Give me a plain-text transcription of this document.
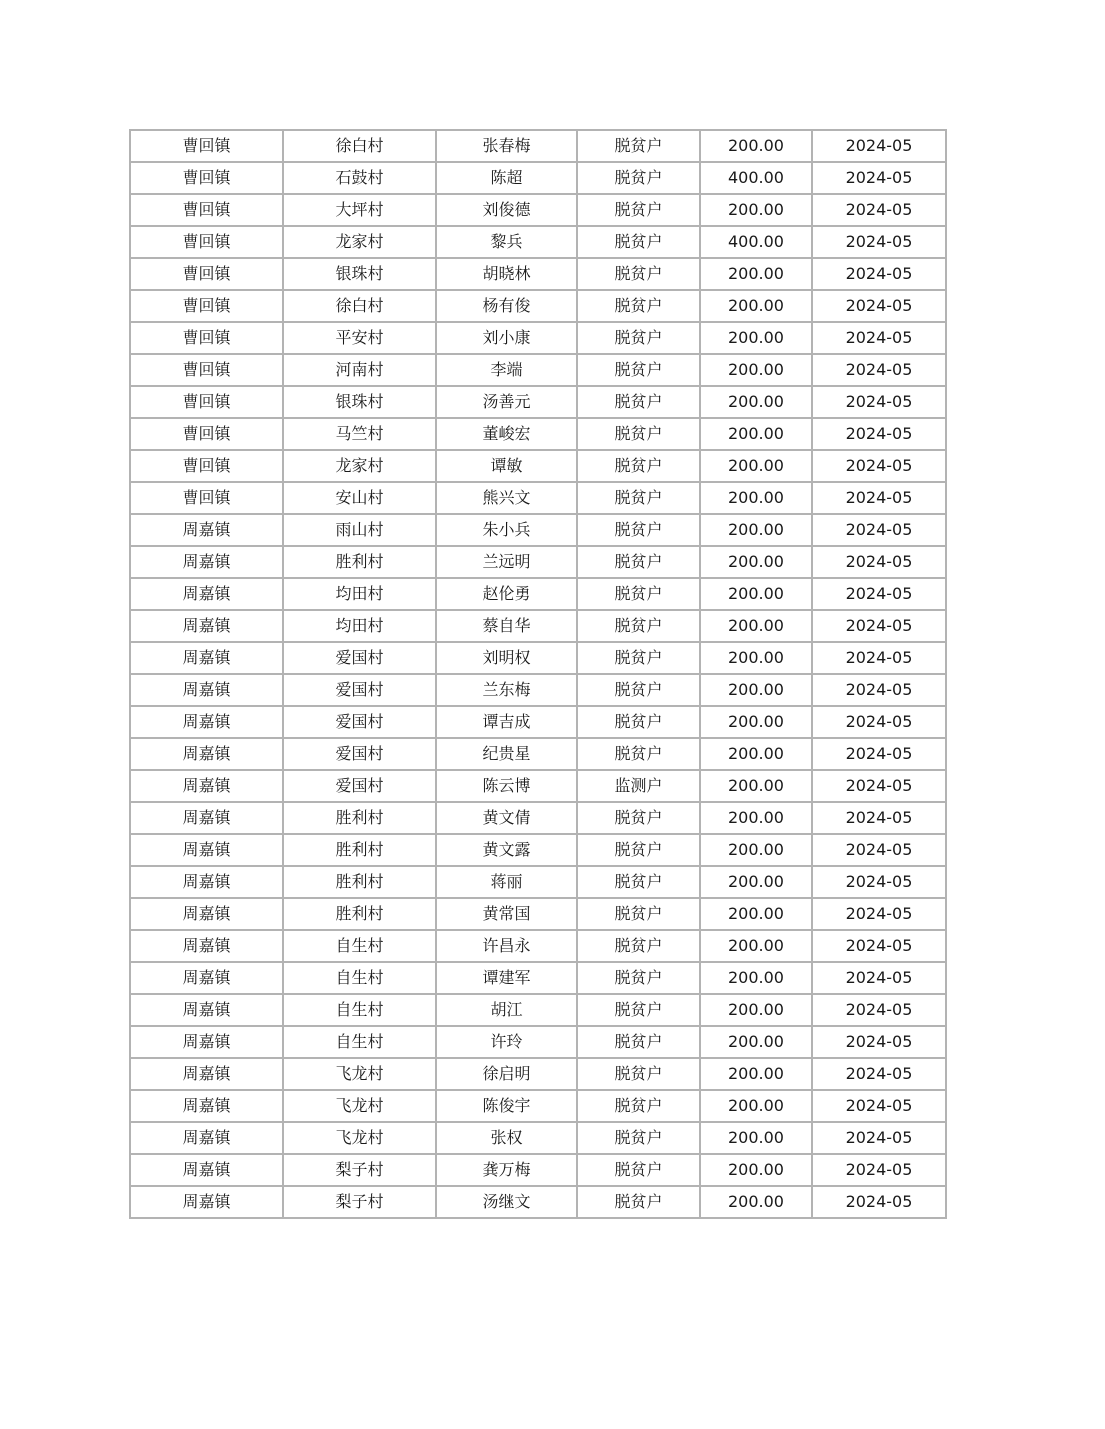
曹回镇	徐白村	张春梅	脱贫户	200.00	2024-05
曹回镇	石鼓村	陈超	脱贫户	400.00	2024-05
曹回镇	大坪村	刘俊德	脱贫户	200.00	2024-05
曹回镇	龙家村	黎兵	脱贫户	400.00	2024-05
曹回镇	银珠村	胡晓林	脱贫户	200.00	2024-05
曹回镇	徐白村	杨有俊	脱贫户	200.00	2024-05
曹回镇	平安村	刘小康	脱贫户	200.00	2024-05
曹回镇	河南村	李端	脱贫户	200.00	2024-05
曹回镇	银珠村	汤善元	脱贫户	200.00	2024-05
曹回镇	马竺村	董峻宏	脱贫户	200.00	2024-05
曹回镇	龙家村	谭敏	脱贫户	200.00	2024-05
曹回镇	安山村	熊兴文	脱贫户	200.00	2024-05
周嘉镇	雨山村	朱小兵	脱贫户	200.00	2024-05
周嘉镇	胜利村	兰远明	脱贫户	200.00	2024-05
周嘉镇	均田村	赵伦勇	脱贫户	200.00	2024-05
周嘉镇	均田村	蔡自华	脱贫户	200.00	2024-05
周嘉镇	爱国村	刘明权	脱贫户	200.00	2024-05
周嘉镇	爱国村	兰东梅	脱贫户	200.00	2024-05
周嘉镇	爱国村	谭吉成	脱贫户	200.00	2024-05
周嘉镇	爱国村	纪贵星	脱贫户	200.00	2024-05
周嘉镇	爱国村	陈云博	监测户	200.00	2024-05
周嘉镇	胜利村	黄文倩	脱贫户	200.00	2024-05
周嘉镇	胜利村	黄文露	脱贫户	200.00	2024-05
周嘉镇	胜利村	蒋丽	脱贫户	200.00	2024-05
周嘉镇	胜利村	黄常国	脱贫户	200.00	2024-05
周嘉镇	自生村	许昌永	脱贫户	200.00	2024-05
周嘉镇	自生村	谭建军	脱贫户	200.00	2024-05
周嘉镇	自生村	胡江	脱贫户	200.00	2024-05
周嘉镇	自生村	许玲	脱贫户	200.00	2024-05
周嘉镇	飞龙村	徐启明	脱贫户	200.00	2024-05
周嘉镇	飞龙村	陈俊宇	脱贫户	200.00	2024-05
周嘉镇	飞龙村	张权	脱贫户	200.00	2024-05
周嘉镇	梨子村	龚万梅	脱贫户	200.00	2024-05
周嘉镇	梨子村	汤继文	脱贫户	200.00	2024-05
